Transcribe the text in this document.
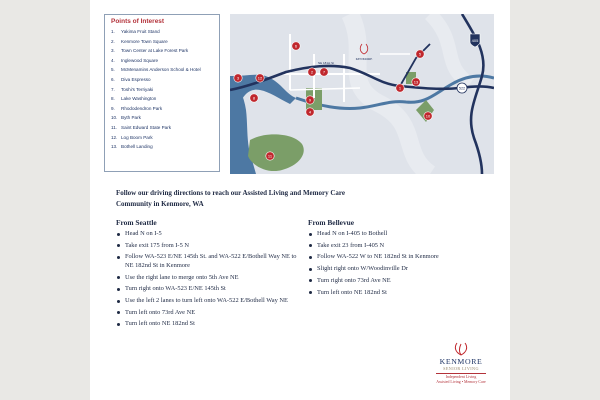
Points of Interest
1.	Yakima Fruit Stand
2.	Kenmore Town Square
3.	Town Center at Lake Forest Park
4.	Inglewood Square
5.	McMenamins Anderson School & Hotel
6.	Diva Espresso
7.	Toshi's Terriyaki
8.	Lake Washington
9.	Rhododendron Park
10. Byth Park
11. Saint Edward State Park
12. Log Boom Park
13. Bothell Landing
405
522
NE 181st St
KENMORE
1
2
3
4
5
6
7
8	9
10
11
12
13
Follow our driving directions to reach our Assisted Living and Memory Care Community in Kenmore, WA
From Seattle
Head N on I-5
Take exit 175 from I-5 N
Follow WA-523 E/NE 145th St. and WA-522 E/Bothell Way NE to NE 182nd St in Kenmore
Use the right lane to merge onto 5th Ave NE
Turn right onto WA-523 E/NE 145th St
Use the left 2 lanes to turn left onto WA-522 E/Bothell Way NE
Turn left onto 73rd Ave NE
Turn left onto NE 182nd St
From Bellevue
Head N on I-405 to Bothell
Take exit 23 from I-405 N
Follow WA-522 W to NE 182nd St in Kenmore
Slight right onto W/Woodinville Dr
Turn right onto 73rd Ave NE
Turn left onto NE 182nd St
KENMORE
SENIOR LIVING
Independent Living
Assisted Living • Memory Care
